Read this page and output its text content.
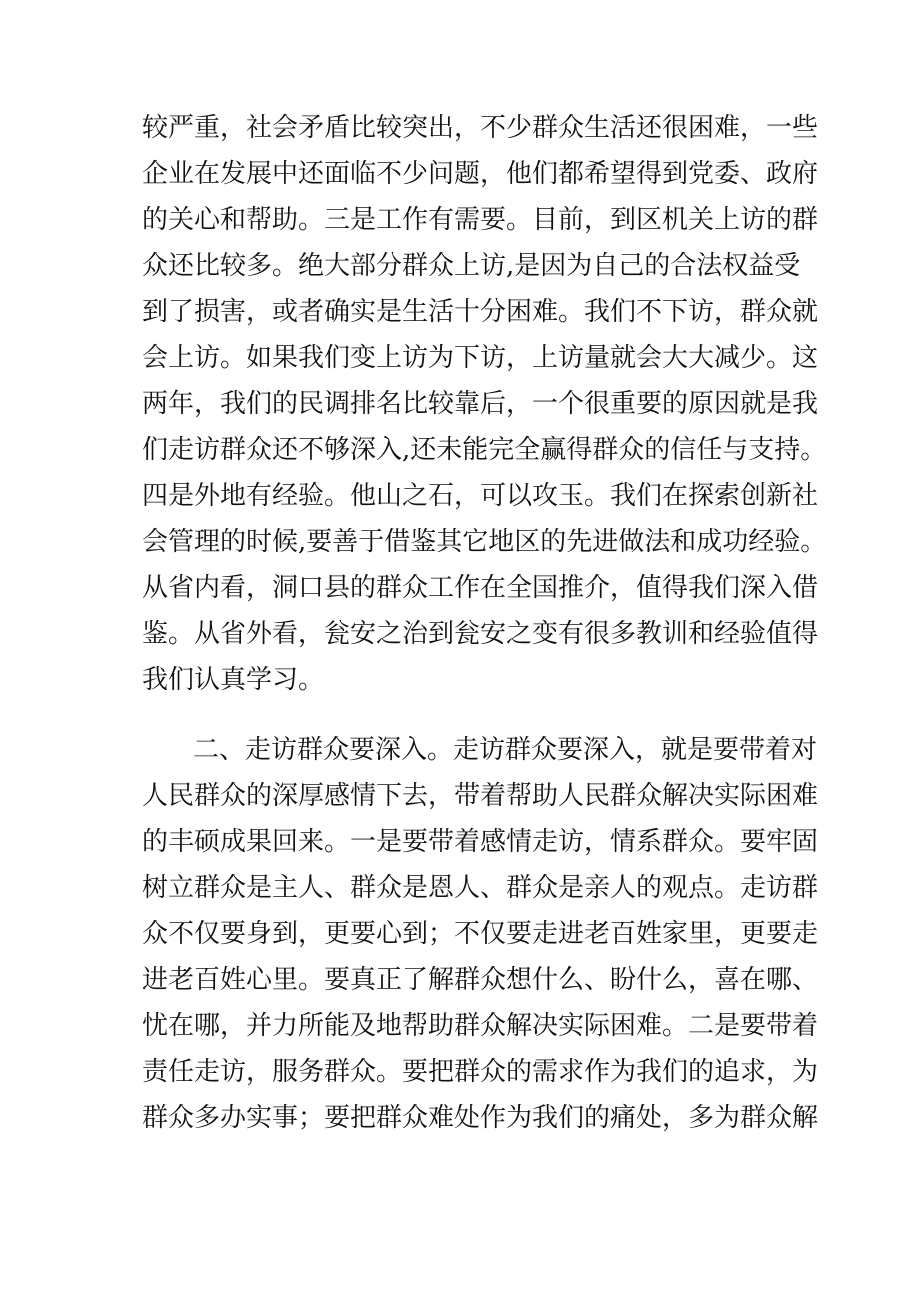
较严重，社会矛盾比较突出，不少群众生活还很困难，一些
企业在发展中还面临不少问题，他们都希望得到党委、政府
的关心和帮助。三是工作有需要。目前，到区机关上访的群
众还比较多。绝大部分群众上访,是因为自己的合法权益受
到了损害，或者确实是生活十分困难。我们不下访，群众就
会上访。如果我们变上访为下访，上访量就会大大减少。这
两年，我们的民调排名比较靠后，一个很重要的原因就是我
们走访群众还不够深入,还未能完全赢得群众的信任与支持。
四是外地有经验。他山之石，可以攻玉。我们在探索创新社
会管理的时候,要善于借鉴其它地区的先进做法和成功经验。
从省内看，洞口县的群众工作在全国推介，值得我们深入借
鉴。从省外看，瓮安之治到瓮安之变有很多教训和经验值得
我们认真学习。
二、走访群众要深入。走访群众要深入，就是要带着对
人民群众的深厚感情下去，带着帮助人民群众解决实际困难
的丰硕成果回来。一是要带着感情走访，情系群众。要牢固
树立群众是主人、群众是恩人、群众是亲人的观点。走访群
众不仅要身到，更要心到；不仅要走进老百姓家里，更要走
进老百姓心里。要真正了解群众想什么、盼什么，喜在哪、
忧在哪，并力所能及地帮助群众解决实际困难。二是要带着
责任走访，服务群众。要把群众的需求作为我们的追求，为
群众多办实事；要把群众难处作为我们的痛处，多为群众解
